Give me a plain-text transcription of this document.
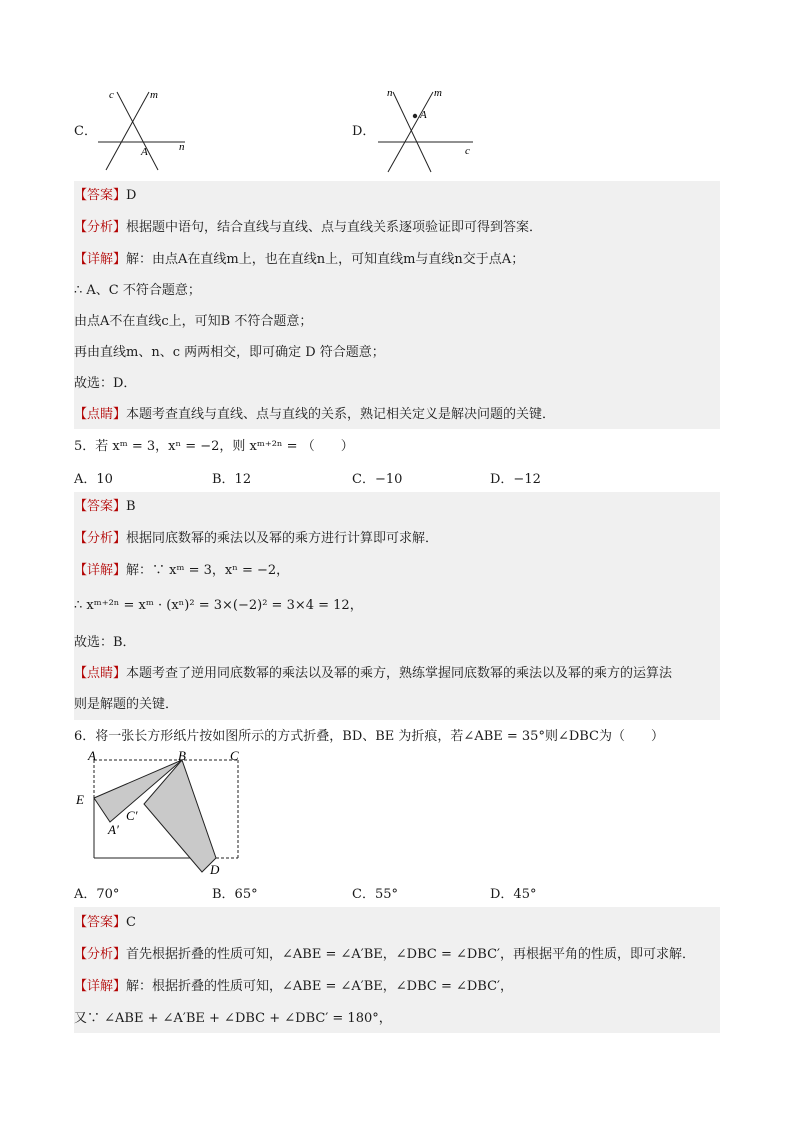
C．
c	m
A	n
D．
n	m
A
c
【答案】D
【分析】根据题中语句，结合直线与直线、点与直线关系逐项验证即可得到答案．
【详解】解：由点A在直线m上，也在直线n上，可知直线m与直线n交于点A；
∴ A、C 不符合题意；
由点A不在直线c上，可知B 不符合题意；
再由直线m、n、c 两两相交，即可确定 D 符合题意；
故选：D．
【点睛】本题考查直线与直线、点与直线的关系，熟记相关定义是解决问题的关键．
5．若 xᵐ = 3，xⁿ = −2，则 xᵐ⁺²ⁿ = （　　）
A．10	B．12	C．−10	D．−12
【答案】B
【分析】根据同底数幂的乘法以及幂的乘方进行计算即可求解．
【详解】解：∵ xᵐ = 3，xⁿ = −2，
∴ xᵐ⁺²ⁿ = xᵐ · (xⁿ)² = 3×(−2)² = 3×4 = 12，
故选：B．
【点睛】本题考查了逆用同底数幂的乘法以及幂的乘方，熟练掌握同底数幂的乘法以及幂的乘方的运算法
则是解题的关键．
6．将一张长方形纸片按如图所示的方式折叠，BD、BE 为折痕，若∠ABE = 35°则∠DBC为（　　）
A	B	C
E
C′
A′
D
A．70°	B．65°	C．55°	D．45°
【答案】C
【分析】首先根据折叠的性质可知，∠ABE = ∠A′BE，∠DBC = ∠DBC′，再根据平角的性质，即可求解．
【详解】解：根据折叠的性质可知，∠ABE = ∠A′BE，∠DBC = ∠DBC′，
又∵ ∠ABE + ∠A′BE + ∠DBC + ∠DBC′ = 180°，
